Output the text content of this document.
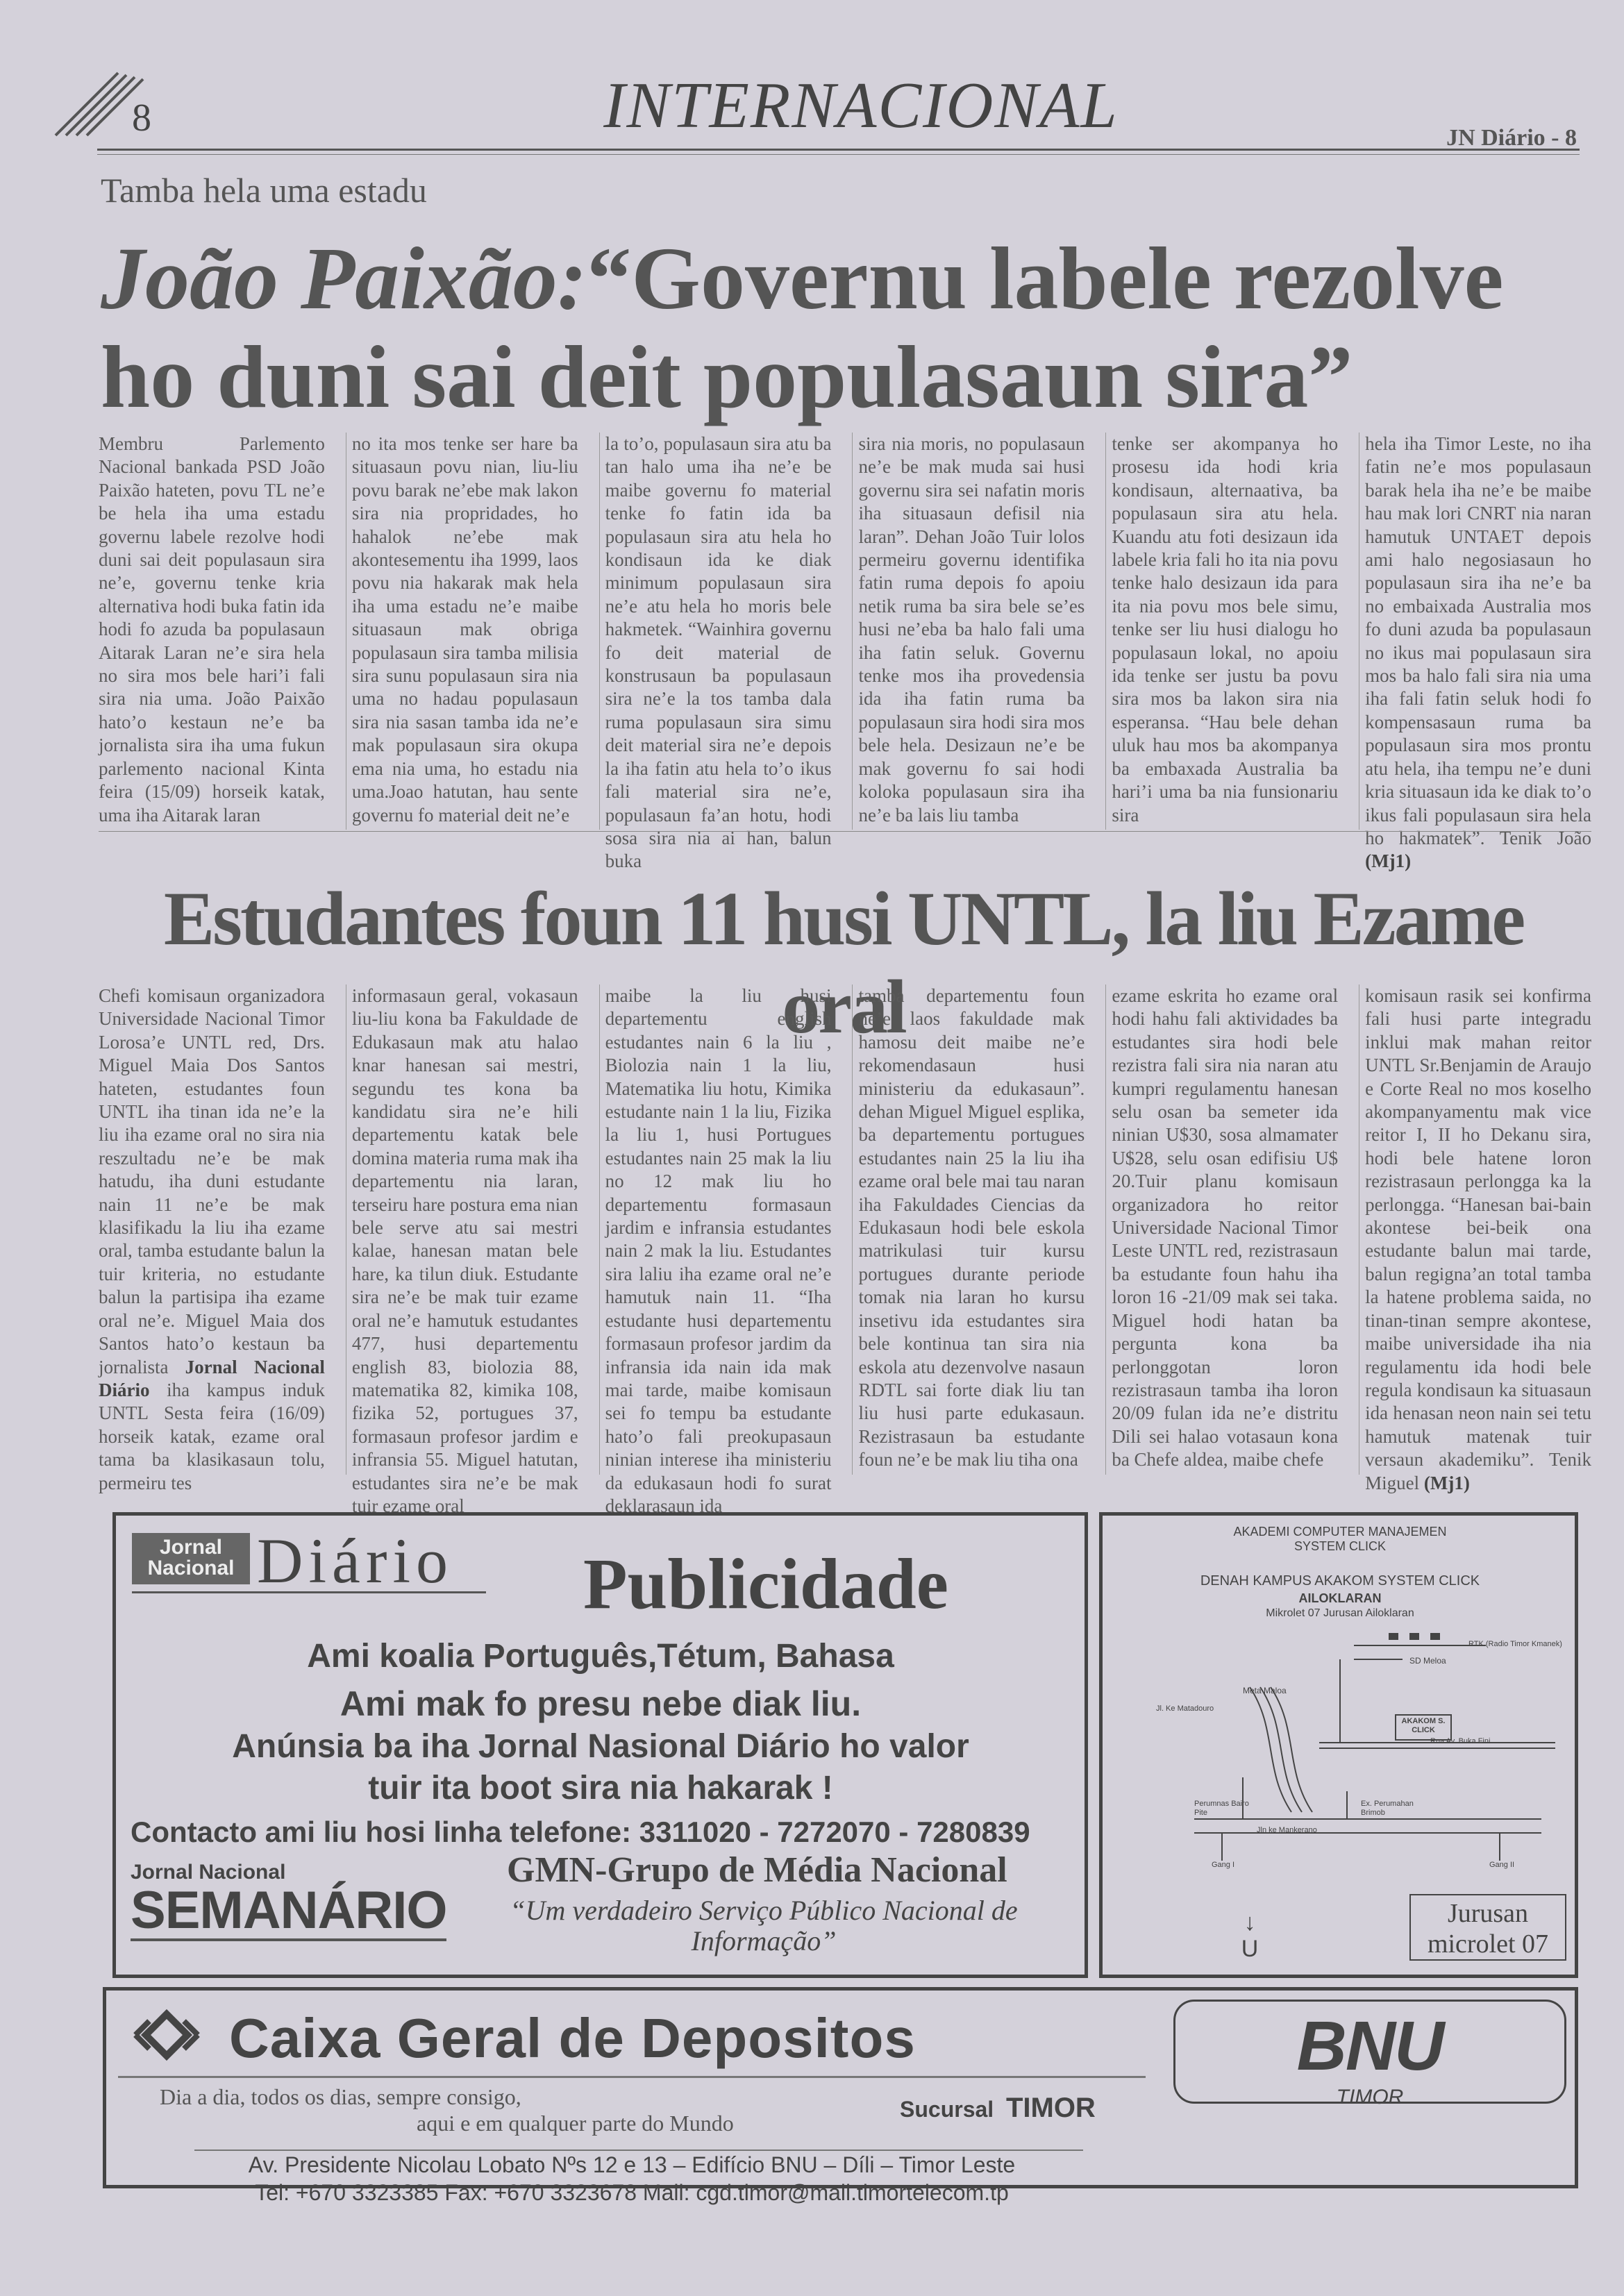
8	INTERNACIONAL	JN Diário - 8
Tamba hela uma estadu
João Paixão:“Governu labele rezolve ho duni sai deit populasaun sira”
Membru Parlemento Nacional bankada PSD João Paixão hateten, povu TL ne’e be hela iha uma estadu governu labele rezolve hodi duni sai deit populasaun sira ne’e, governu tenke kria alternativa hodi buka fatin ida hodi fo azuda ba populasaun Aitarak Laran ne’e sira hela no sira mos bele hari’i fali sira nia uma. João Paixão hato’o kestaun ne’e ba jornalista sira iha uma fukun parlemento nacional Kinta feira (15/09) horseik katak, uma iha Aitarak laran
no ita mos tenke ser hare ba situasaun povu nian, liu-liu povu barak ne’ebe mak lakon sira nia propridades, ho hahalok ne’ebe mak akontesementu iha 1999, laos povu nia hakarak mak hela iha uma estadu ne’e maibe situasaun mak obriga populasaun sira tamba milisia sira sunu populasaun sira nia uma no hadau populasaun sira nia sasan tamba ida ne’e mak populasaun sira okupa ema nia uma, ho estadu nia uma.Joao hatutan, hau sente governu fo material deit ne’e
la to’o, populasaun sira atu ba tan halo uma iha ne’e be maibe governu fo material tenke fo fatin ida ba populasaun sira atu hela ho kondisaun ida ke diak minimum populasaun sira ne’e atu hela ho moris bele hakmetek. “Wainhira governu fo deit material de konstrusaun ba populasaun sira ne’e la tos tamba dala ruma populasaun sira simu deit material sira ne’e depois la iha fatin atu hela to’o ikus fali material sira ne’e, populasaun fa’an hotu, hodi sosa sira nia ai han, balun buka
sira nia moris, no populasaun ne’e be mak muda sai husi governu sira sei nafatin moris iha situasaun defisil nia laran”. Dehan João Tuir lolos permeiru governu identifika fatin ruma depois fo apoiu netik ruma ba sira bele se’es husi ne’eba ba halo fali uma iha fatin seluk. Governu tenke mos iha provedensia ida iha fatin ruma ba populasaun sira hodi sira mos bele hela. Desizaun ne’e be mak governu fo sai hodi koloka populasaun sira iha ne’e ba lais liu tamba
tenke ser akompanya ho prosesu ida hodi kria kondisaun, alternaativa, ba populasaun sira atu hela. Kuandu atu foti desizaun ida labele kria fali ho ita nia povu tenke halo desizaun ida para ita nia povu mos bele simu, tenke ser liu husi dialogu ho populasaun lokal, no apoiu ida tenke ser justu ba povu sira mos ba lakon sira nia esperansa. “Hau bele dehan uluk hau mos ba akompanya ba embaxada Australia ba hari’i uma ba nia funsionariu sira
hela iha Timor Leste, no iha fatin ne’e mos populasaun barak hela iha ne’e be maibe hau mak lori CNRT nia naran hamutuk UNTAET depois ami halo negosiasaun ho populasaun sira iha ne’e ba no embaixada Australia mos fo duni azuda ba populasaun no ikus mai populasaun sira mos ba halo fali sira nia uma iha fali fatin seluk hodi fo kompensasaun ruma ba populasaun sira mos prontu atu hela, iha tempu ne’e duni kria situasaun ida ke diak to’o ikus fali populasaun sira hela ho hakmatek”. Tenik João (Mj1)
Estudantes foun 11 husi UNTL, la liu Ezame oral
Chefi komisaun organizadora Universidade Nacional Timor Lorosa’e UNTL red, Drs. Miguel Maia Dos Santos hateten, estudantes foun UNTL iha tinan ida ne’e la liu iha ezame oral no sira nia reszultadu ne’e be mak hatudu, iha duni estudante nain 11 ne’e be mak klasifikadu la liu iha ezame oral, tamba estudante balun la tuir kriteria, no estudante balun la partisipa iha ezame oral ne’e. Miguel Maia dos Santos hato’o kestaun ba jornalista Jornal Nacional Diário iha kampus induk UNTL Sesta feira (16/09) horseik katak, ezame oral tama ba klasikasaun tolu, permeiru tes
informasaun geral, vokasaun liu-liu kona ba Fakuldade de Edukasaun mak atu halao knar hanesan sai mestri, segundu tes kona ba kandidatu sira ne’e hili departementu katak bele domina materia ruma mak iha departementu nia laran, terseiru hare postura ema nian bele serve atu sai mestri kalae, hanesan matan bele hare, ka tilun diuk. Estudante sira ne’e be mak tuir ezame oral ne’e hamutuk estudantes 477, husi departementu english 83, biolozia 88, matematika 82, kimika 108, fizika 52, portugues 37, formasaun profesor jardim e infransia 55. Miguel hatutan, estudantes sira ne’e be mak tuir ezame oral
maibe la liu husi departementu english estudantes nain 6 la liu , Biolozia nain 1 la liu, Matematika liu hotu, Kimika estudante nain 1 la liu, Fizika la liu 1, husi Portugues estudantes nain 25 mak la liu no 12 mak liu ho departementu formasaun jardim e infransia estudantes nain 2 mak la liu. Estudantes sira laliu iha ezame oral ne’e hamutuk nain 11. “Iha estudante husi departementu formasaun profesor jardim da infransia ida nain ida mak mai tarde, maibe komisaun sei fo tempu ba estudante hato’o fali preokupasaun ninian interese iha ministeriu da edukasaun hodi fo surat deklarasaun ida
tamba departementu foun ne’e laos fakuldade mak hamosu deit maibe ne’e rekomendasaun husi ministeriu da edukasaun”. dehan Miguel Miguel esplika, ba departementu portugues estudantes nain 25 la liu iha ezame oral bele mai tau naran iha Fakuldades Ciencias da Edukasaun hodi bele eskola matrikulasi tuir kursu portugues durante periode tomak nia laran ho kursu insetivu ida estudantes sira bele kontinua tan sira nia eskola atu dezenvolve nasaun RDTL sai forte diak liu tan liu husi parte edukasaun. Rezistrasaun ba estudante foun ne’e be mak liu tiha ona
ezame eskrita ho ezame oral hodi hahu fali aktividades ba estudantes sira hodi bele rezistra fali sira nia naran atu kumpri regulamentu hanesan selu osan ba semeter ida ninian U$30, sosa almamater U$28, selu osan edifisiu U$ 20.Tuir planu komisaun organizadora ho reitor Universidade Nacional Timor Leste UNTL red, rezistrasaun ba estudante foun hahu iha loron 16 -21/09 mak sei taka. Miguel hodi hatan ba pergunta kona ba perlonggotan loron rezistrasaun tamba iha loron 20/09 fulan ida ne’e distritu Dili sei halao votasaun kona ba Chefe aldea, maibe chefe
komisaun rasik sei konfirma fali husi parte integradu inklui mak mahan reitor UNTL Sr.Benjamin de Araujo e Corte Real no mos koselho akompanyamentu mak vice reitor I, II ho Dekanu sira, hodi bele hatene loron rezistrasaun perlongga ka la perlongga. “Hanesan bai-bain akontese bei-beik ona estudante balun mai tarde, balun regigna’an total tamba la hatene problema saida, no tinan-tinan sempre akontese, maibe universidade iha nia regulamentu ida hodi bele regula kondisaun ka situasaun ida henasan neon nain sei tetu hamutuk matenak tuir versaun akademiku”. Tenik Miguel (Mj1)
Jornal Nacional Diário Publicidade
Ami koalia Português,Tétum, Bahasa
Ami mak fo presu nebe diak liu.
Anúnsia ba iha Jornal Nasional Diário ho valor
tuir ita boot sira nia hakarak !
Contacto ami liu hosi linha telefone: 3311020 - 7272070 - 7280839
Jornal Nacional
SEMANÁRIO
GMN-Grupo de Média Nacional
“Um verdadeiro Serviço Público Nacional de Informação”
AKADEMI COMPUTER MANAJEMEN
SYSTEM CLICK
DENAH KAMPUS AKAKOM SYSTEM CLICK
AILOKLARAN
Mikrolet 07 Jurusan Ailoklaran
RTK (Radio Timor Kmanek)
SD Meloa
Meta Maloa
Jl. Ke Matadouro
AKAKOM S. CLICK
Rua Av. Buka Fini
Perumnas Bairo Pite
Ex. Perumahan Brimob
Jln ke Mankerano
Gang I	Gang II
↓
U
Jurusan microlet 07
Caixa Geral de Depositos
Dia a dia, todos os dias, sempre consigo,
aqui e em qualquer parte do Mundo
Sucursal TIMOR
BNU
TIMOR
Av. Presidente Nicolau Lobato Nºs 12 e 13 – Edifício BNU – Díli – Timor Leste
Tel: +670 3323385 Fax: +670 3323678 Mail: cgd.timor@mail.timortelecom.tp
